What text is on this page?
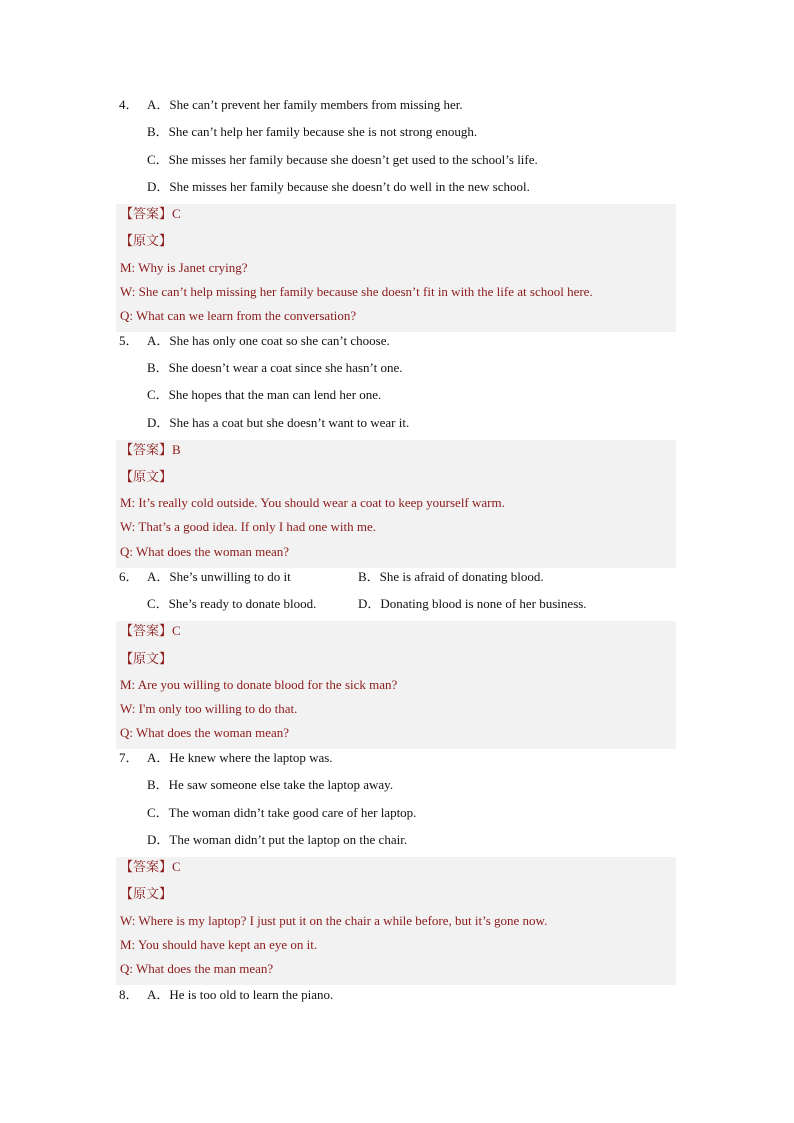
4． A．She can’t prevent her family members from missing her.
B．She can’t help her family because she is not strong enough.
C．She misses her family because she doesn’t get used to the school’s life.
D．She misses her family because she doesn’t do well in the new school.
【答案】C
【原文】
M: Why is Janet crying?
W: She can’t help missing her family because she doesn’t fit in with the life at school here.
Q: What can we learn from the conversation?
5． A．She has only one coat so she can’t choose.
B．She doesn’t wear a coat since she hasn’t one.
C．She hopes that the man can lend her one.
D．She has a coat but she doesn’t want to wear it.
【答案】B
【原文】
M: It’s really cold outside. You should wear a coat to keep yourself warm.
W: That’s a good idea. If only I had one with me.
Q: What does the woman mean?
6． A．She’s unwilling to do it	B．She is afraid of donating blood.
C．She’s ready to donate blood.	D．Donating blood is none of her business.
【答案】C
【原文】
M: Are you willing to donate blood for the sick man?
W: I'm only too willing to do that.
Q: What does the woman mean?
7． A．He knew where the laptop was.
B．He saw someone else take the laptop away.
C．The woman didn’t take good care of her laptop.
D．The woman didn’t put the laptop on the chair.
【答案】C
【原文】
W: Where is my laptop? I just put it on the chair a while before, but it’s gone now.
M: You should have kept an eye on it.
Q: What does the man mean?
8． A．He is too old to learn the piano.
